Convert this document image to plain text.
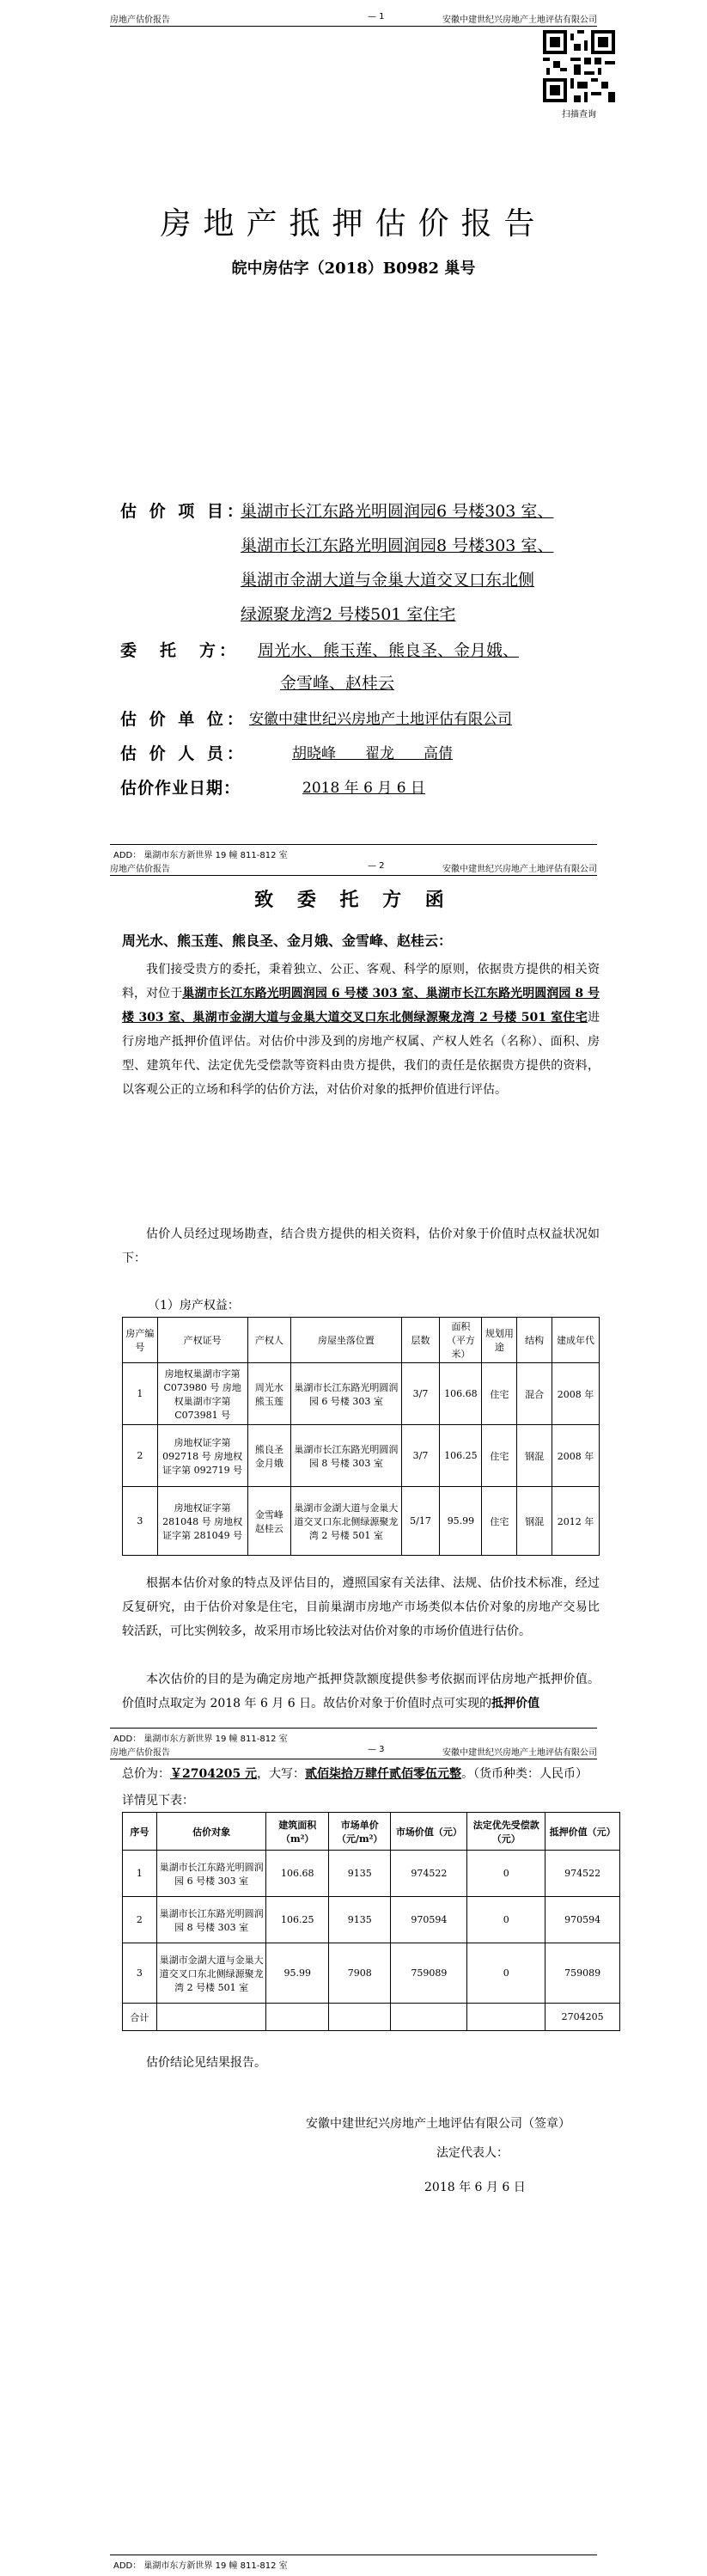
房地产估价报告	— 1	安徽中建世纪兴房地产土地评估有限公司
扫描查询
房地产抵押估价报告
皖中房估字（2018）B0982 巢号
估 价 项 目：
巢湖市长江东路光明圆润园6 号楼303 室、
巢湖市长江东路光明圆润园8 号楼303 室、
巢湖市金湖大道与金巢大道交叉口东北侧
绿源聚龙湾2 号楼501 室住宅
委　托　方： 周光水、熊玉莲、熊良圣、金月娥、
金雪峰、赵桂云
估 价 单 位： 安徽中建世纪兴房地产土地评估有限公司
估 价 人 员：	胡晓峰　　翟龙　　高倩
估价作业日期：	2018 年 6 月 6 日
ADD： 巢湖市东方新世界 19 幢 811-812 室
房地产估价报告	— 2	安徽中建世纪兴房地产土地评估有限公司
致 委 托 方 函
周光水、熊玉莲、熊良圣、金月娥、金雪峰、赵桂云：
我们接受贵方的委托，秉着独立、公正、客观、科学的原则，依据贵方提供的相关资料，对位于巢湖市长江东路光明圆润园 6 号楼 303 室、巢湖市长江东路光明圆润园 8 号楼 303 室、巢湖市金湖大道与金巢大道交叉口东北侧绿源聚龙湾 2 号楼 501 室住宅进行房地产抵押价值评估。对估价中涉及到的房地产权属、产权人姓名（名称）、面积、房型、建筑年代、法定优先受偿款等资料由贵方提供，我们的责任是依据贵方提供的资料，以客观公正的立场和科学的估价方法，对估价对象的抵押价值进行评估。
估价人员经过现场勘查，结合贵方提供的相关资料，估价对象于价值时点权益状况如下：
（1）房产权益：
房产编号	产权证号	产权人	房屋坐落位置	层数	面积（平方米）	规划用途	结构	建成年代
1	房地权巢湖市字第 C073980 号 房地权巢湖市字第 C073981 号	周光水 熊玉莲	巢湖市长江东路光明圆润园 6 号楼 303 室	3/7	106.68	住宅	混合	2008 年
2	房地权证字第 092718 号 房地权证字第 092719 号	熊良圣 金月娥	巢湖市长江东路光明圆润园 8 号楼 303 室	3/7	106.25	住宅	钢混	2008 年
3	房地权证字第 281048 号 房地权证字第 281049 号	金雪峰 赵桂云	巢湖市金湖大道与金巢大道交叉口东北侧绿源聚龙湾 2 号楼 501 室	5/17	95.99	住宅	钢混	2012 年
根据本估价对象的特点及评估目的，遵照国家有关法律、法规、估价技术标准，经过反复研究，由于估价对象是住宅，目前巢湖市房地产市场类似本估价对象的房地产交易比较活跃，可比实例较多，故采用市场比较法对估价对象的市场价值进行估价。
本次估价的目的是为确定房地产抵押贷款额度提供参考依据而评估房地产抵押价值。价值时点取定为 2018 年 6 月 6 日。故估价对象于价值时点可实现的抵押价值
ADD： 巢湖市东方新世界 19 幢 811-812 室
房地产估价报告	— 3	安徽中建世纪兴房地产土地评估有限公司
总价为：￥2704205 元，大写：贰佰柒拾万肆仟贰佰零伍元整。（货币种类：人民币）
详情见下表：
序号	估价对象	建筑面积（m²）	市场单价（元/m²）	市场价值（元）	法定优先受偿款（元）	抵押价值（元）
1	巢湖市长江东路光明圆润园 6 号楼 303 室	106.68	9135	974522	0	974522
2	巢湖市长江东路光明圆润园 8 号楼 303 室	106.25	9135	970594	0	970594
3	巢湖市金湖大道与金巢大道交叉口东北侧绿源聚龙湾 2 号楼 501 室	95.99	7908	759089	0	759089
合计						2704205
估价结论见结果报告。
安徽中建世纪兴房地产土地评估有限公司（签章）
法定代表人：
2018 年 6 月 6 日
ADD： 巢湖市东方新世界 19 幢 811-812 室
